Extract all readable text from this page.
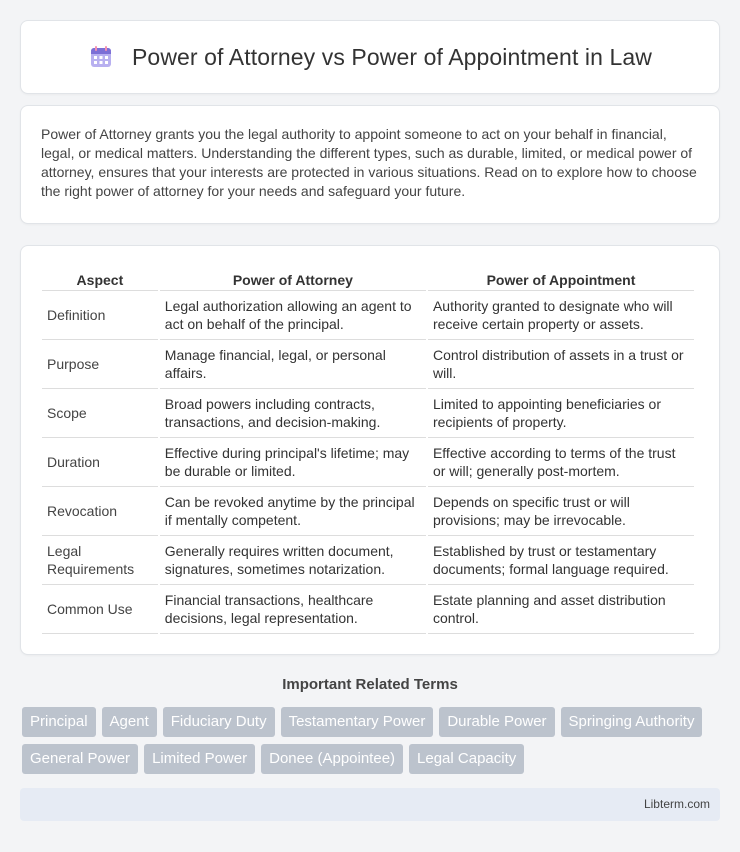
Power of Attorney vs Power of Appointment in Law

Power of Attorney grants you the legal authority to appoint someone to act on your behalf in financial, legal, or medical matters. Understanding the different types, such as durable, limited, or medical power of attorney, ensures that your interests are protected in various situations. Read on to explore how to choose the right power of attorney for your needs and safeguard your future.

Aspect	Power of Attorney	Power of Appointment
Definition	Legal authorization allowing an agent to act on behalf of the principal.	Authority granted to designate who will receive certain property or assets.
Purpose	Manage financial, legal, or personal affairs.	Control distribution of assets in a trust or will.
Scope	Broad powers including contracts, transactions, and decision-making.	Limited to appointing beneficiaries or recipients of property.
Duration	Effective during principal's lifetime; may be durable or limited.	Effective according to terms of the trust or will; generally post-mortem.
Revocation	Can be revoked anytime by the principal if mentally competent.	Depends on specific trust or will provisions; may be irrevocable.
Legal Requirements	Generally requires written document, signatures, sometimes notarization.	Established by trust or testamentary documents; formal language required.
Common Use	Financial transactions, healthcare decisions, legal representation.	Estate planning and asset distribution control.
Important Related Terms
Principal	Agent	Fiduciary Duty	Testamentary Power	Durable Power	Springing Authority
General Power	Limited Power	Donee (Appointee)	Legal Capacity
Libterm.com
